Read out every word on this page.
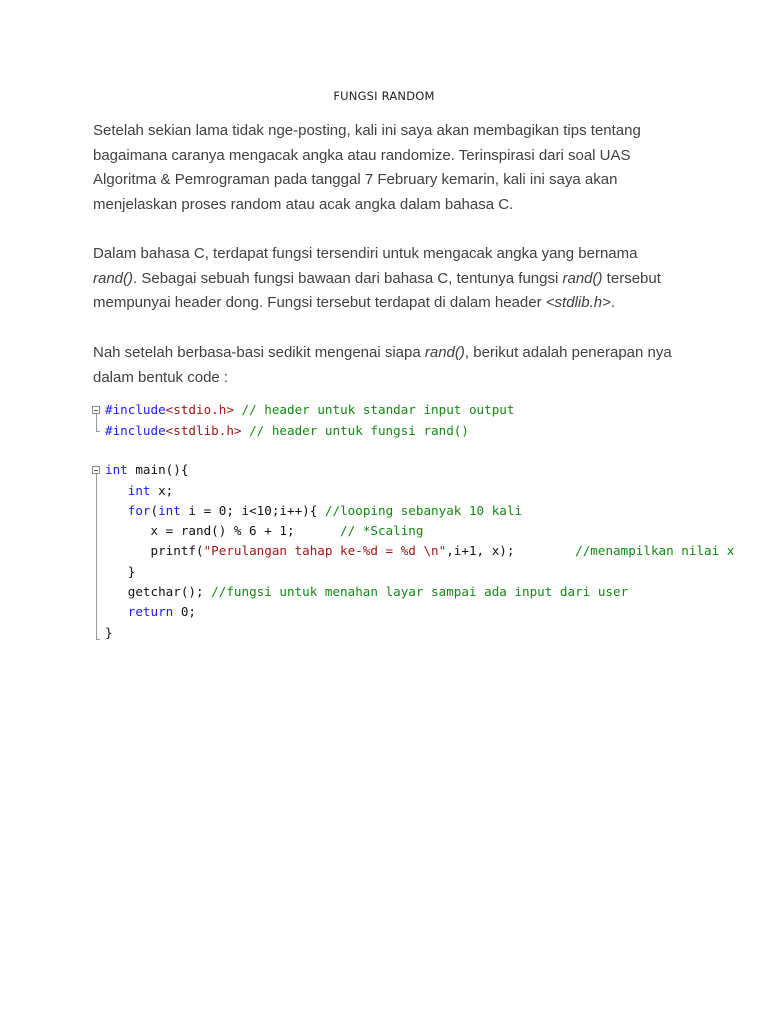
FUNGSI RANDOM

Setelah sekian lama tidak nge-posting, kali ini saya akan membagikan tips tentang
bagaimana caranya mengacak angka atau randomize. Terinspirasi dari soal UAS
Algoritma & Pemrograman pada tanggal 7 February kemarin, kali ini saya akan
menjelaskan proses random atau acak angka dalam bahasa C.

Dalam bahasa C, terdapat fungsi tersendiri untuk mengacak angka yang bernama
rand(). Sebagai sebuah fungsi bawaan dari bahasa C, tentunya fungsi rand() tersebut
mempunyai header dong. Fungsi tersebut terdapat di dalam header <stdlib.h>.

Nah setelah berbasa-basi sedikit mengenai siapa rand(), berikut adalah penerapan nya
dalam bentuk code :

#include<stdio.h> // header untuk standar input output
#include<stdlib.h> // header untuk fungsi rand()
int main(){
int x;
for(int i = 0; i<10;i++){ //looping sebanyak 10 kali
x = rand() % 6 + 1;      // *Scaling
printf("Perulangan tahap ke-%d = %d \n",i+1, x);        //menampilkan nilai x
}
getchar(); //fungsi untuk menahan layar sampai ada input dari user
return 0;
}
